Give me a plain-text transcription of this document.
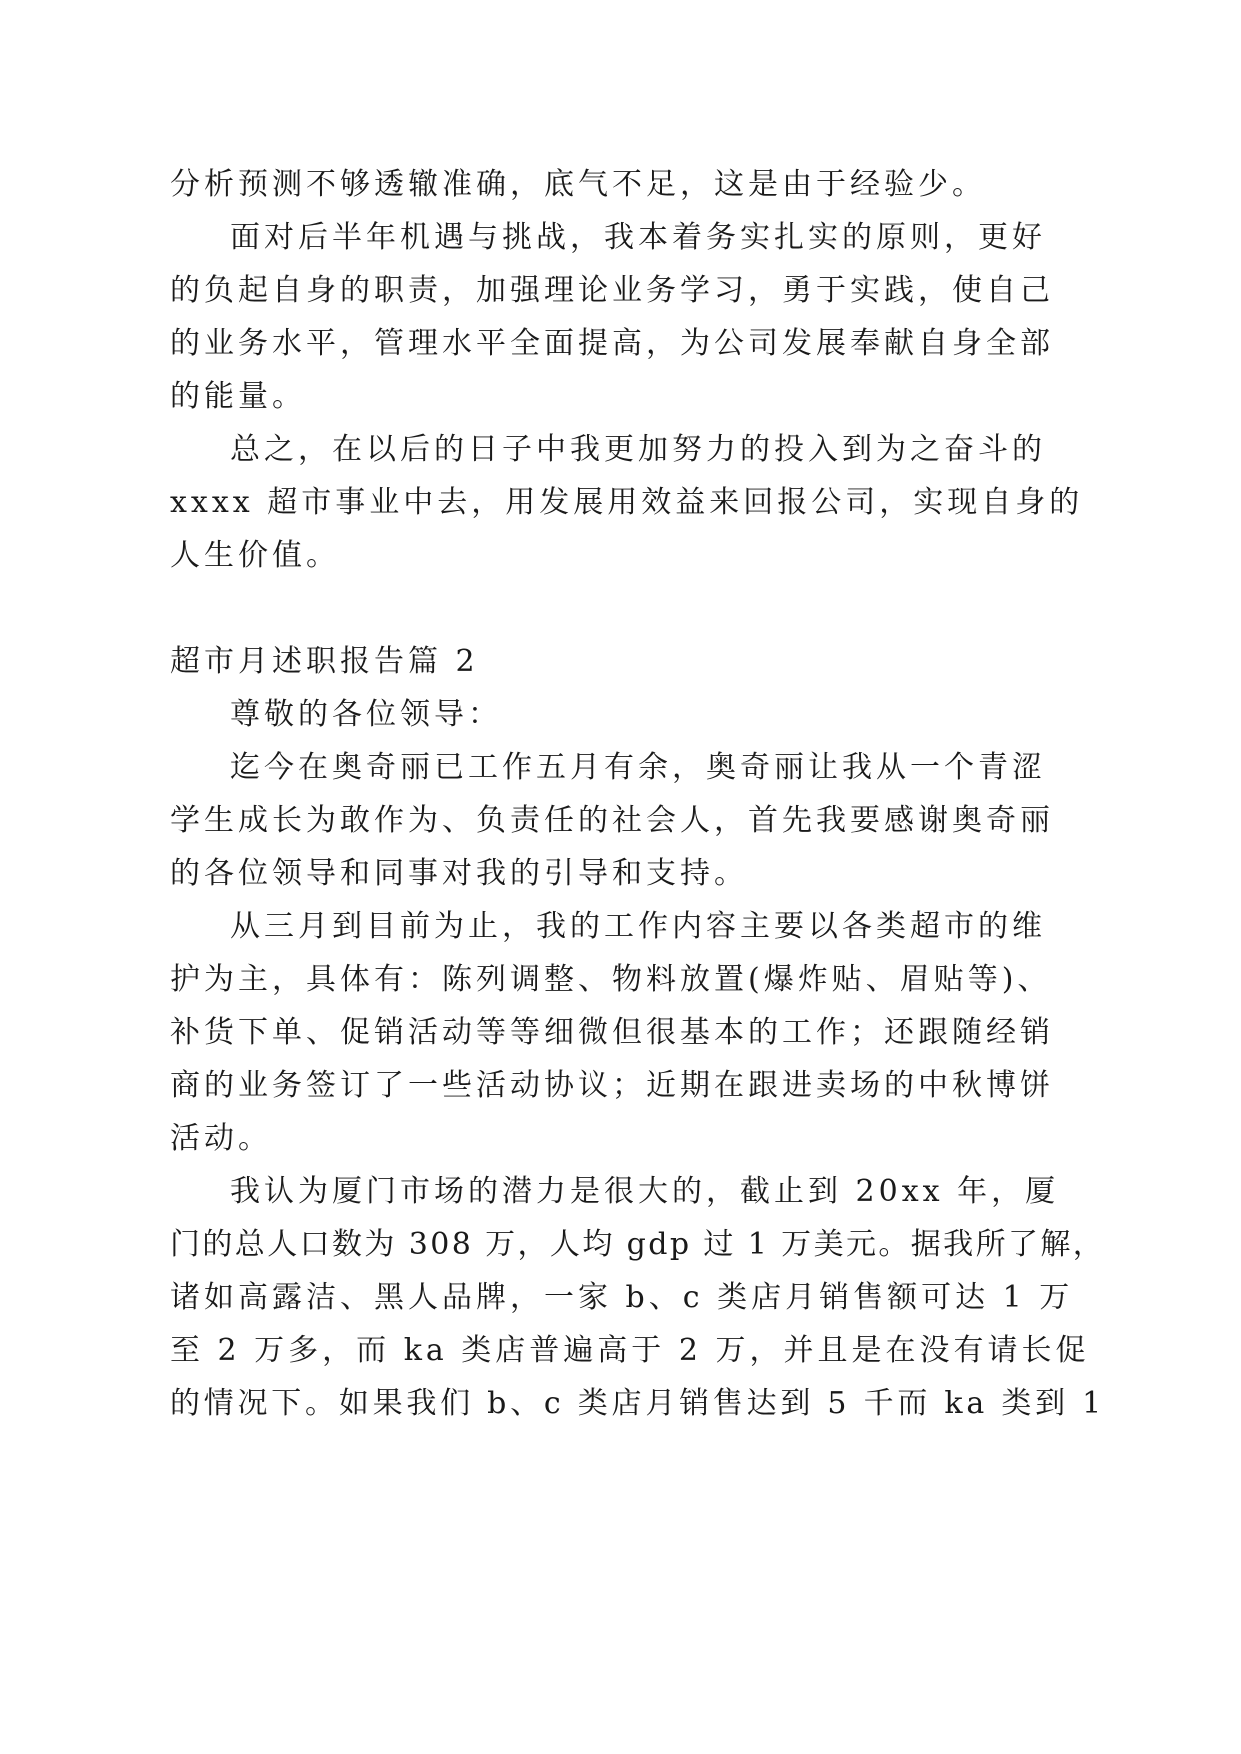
分析预测不够透辙准确，底气不足，这是由于经验少。

面对后半年机遇与挑战，我本着务实扎实的原则，更好

的负起自身的职责，加强理论业务学习，勇于实践，使自己

的业务水平，管理水平全面提高，为公司发展奉献自身全部

的能量。

总之，在以后的日子中我更加努力的投入到为之奋斗的

xxxx 超市事业中去，用发展用效益来回报公司，实现自身的

人生价值。

超市月述职报告篇 2

尊敬的各位领导：

迄今在奥奇丽已工作五月有余，奥奇丽让我从一个青涩

学生成长为敢作为、负责任的社会人，首先我要感谢奥奇丽

的各位领导和同事对我的引导和支持。

从三月到目前为止，我的工作内容主要以各类超市的维

护为主，具体有：陈列调整、物料放置(爆炸贴、眉贴等)、

补货下单、促销活动等等细微但很基本的工作；还跟随经销

商的业务签订了一些活动协议；近期在跟进卖场的中秋博饼

活动。

我认为厦门市场的潜力是很大的，截止到 20xx 年，厦

门的总人口数为 308 万，人均 gdp 过 1 万美元。据我所了解，

诸如高露洁、黑人品牌，一家 b、c 类店月销售额可达 1 万

至 2 万多，而 ka 类店普遍高于 2 万，并且是在没有请长促

的情况下。如果我们 b、c 类店月销售达到 5 千而 ka 类到 1
